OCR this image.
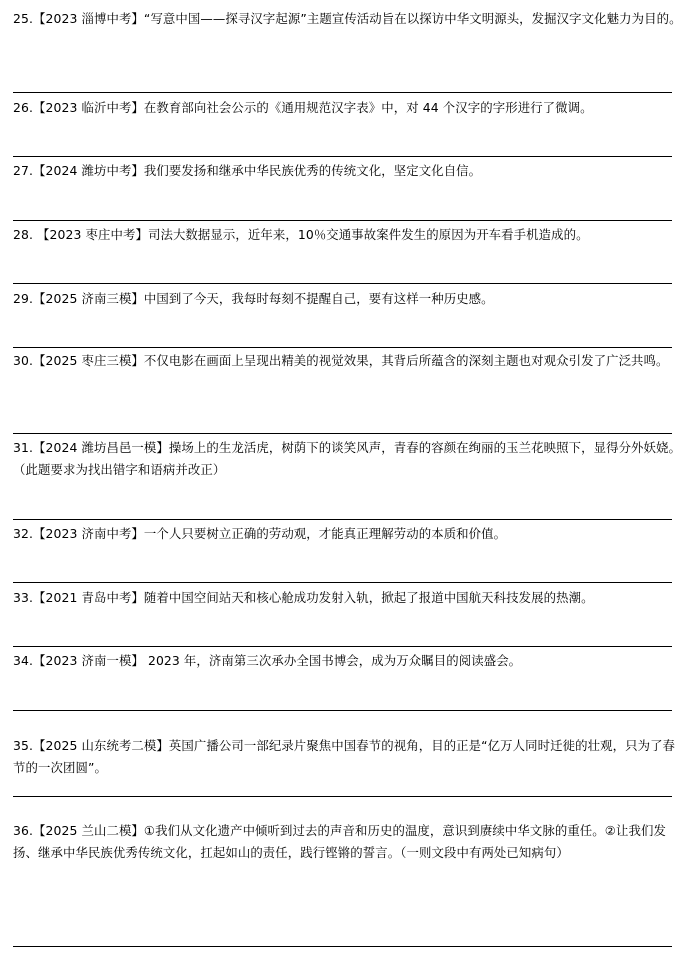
25.【2023 淄博中考】“写意中国——探寻汉字起源”主题宣传活动旨在以探访中华文明源头，发掘汉字文化魅力为目的。
26.【2023 临沂中考】在教育部向社会公示的《通用规范汉字表》中，对 44 个汉字的字形进行了微调。
27.【2024 潍坊中考】我们要发扬和继承中华民族优秀的传统文化，坚定文化自信。
28. 【2023 枣庄中考】司法大数据显示，近年来，10％交通事故案件发生的原因为开车看手机造成的。
29.【2025 济南三模】中国到了今天，我每时每刻不提醒自己，要有这样一种历史感。
30.【2025 枣庄三模】不仅电影在画面上呈现出精美的视觉效果，其背后所蕴含的深刻主题也对观众引发了广泛共鸣。
31.【2024 潍坊昌邑一模】操场上的生龙活虎，树荫下的谈笑风声，青春的容颜在绚丽的玉兰花映照下，显得分外妖娆。（此题要求为找出错字和语病并改正）
32.【2023 济南中考】一个人只要树立正确的劳动观，才能真正理解劳动的本质和价值。
33.【2021 青岛中考】随着中国空间站天和核心舱成功发射入轨，掀起了报道中国航天科技发展的热潮。
34.【2023 济南一模】 2023 年，济南第三次承办全国书博会，成为万众瞩目的阅读盛会。
35.【2025 山东统考二模】英国广播公司一部纪录片聚焦中国春节的视角，目的正是“亿万人同时迁徙的壮观，只为了春节的一次团圆”。
36.【2025 兰山二模】①我们从文化遗产中倾听到过去的声音和历史的温度，意识到赓续中华文脉的重任。②让我们发扬、继承中华民族优秀传统文化，扛起如山的责任，践行铿锵的誓言。（一则文段中有两处已知病句）
